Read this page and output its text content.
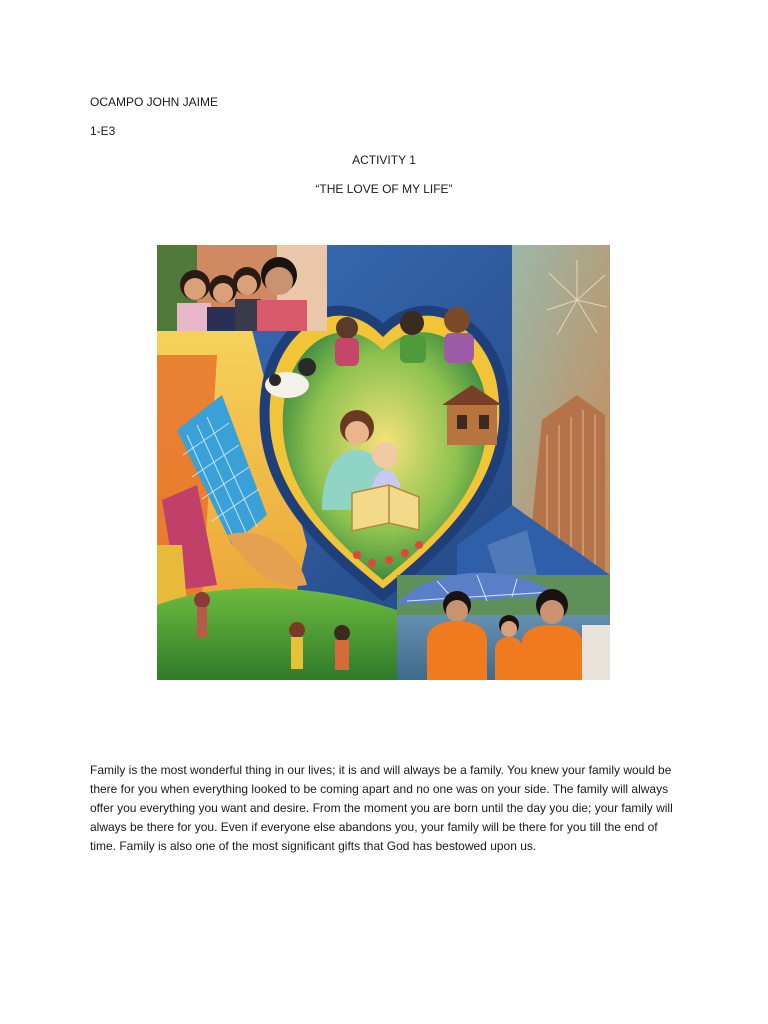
OCAMPO JOHN JAIME
1-E3
ACTIVITY 1
“THE LOVE OF MY LIFE”
Family is the most wonderful thing in our lives; it is and will always be a family. You knew your family would be there for you when everything looked to be coming apart and no one was on your side. The family will always offer you everything you want and desire. From the moment you are born until the day you die; your family will always be there for you. Even if everyone else abandons you, your family will be there for you till the end of time. Family is also one of the most significant gifts that God has bestowed upon us.
